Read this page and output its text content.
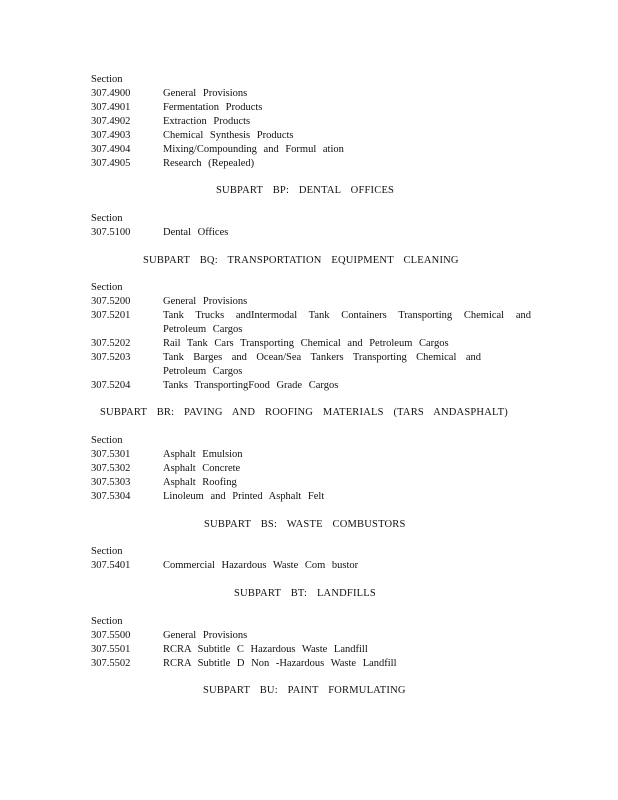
Section
307.4900	General Provisions
307.4901	Fermentation Products
307.4902	Extraction Products
307.4903	Chemical Synthesis Products
307.4904	Mixing/Compounding and Formul ation
307.4905	Research (Repealed)
SUBPART BP: DENTAL OFFICES
Section
307.5100	Dental Offices
SUBPART BQ: TRANSPORTATION EQUIPMENT CLEANING
Section
307.5200	General Provisions
307.5201	Tank Trucks andIntermodal Tank Containers Transporting Chemical and Petroleum Cargos
307.5202	Rail Tank Cars Transporting Chemical and Petroleum Cargos
307.5203	Tank Barges and Ocean/Sea Tankers Transporting Chemical and Petroleum Cargos
307.5204	Tanks TransportingFood Grade Cargos
SUBPART BR: PAVING AND ROOFING MATERIALS (TARS ANDASPHALT)
Section
307.5301	Asphalt Emulsion
307.5302	Asphalt Concrete
307.5303	Asphalt Roofing
307.5304	Linoleum and Printed Asphalt Felt
SUBPART BS: WASTE COMBUSTORS
Section
307.5401	Commercial Hazardous Waste Com bustor
SUBPART BT: LANDFILLS
Section
307.5500	General Provisions
307.5501	RCRA Subtitle C Hazardous Waste Landfill
307.5502	RCRA Subtitle D Non -Hazardous Waste Landfill
SUBPART BU: PAINT FORMULATING
